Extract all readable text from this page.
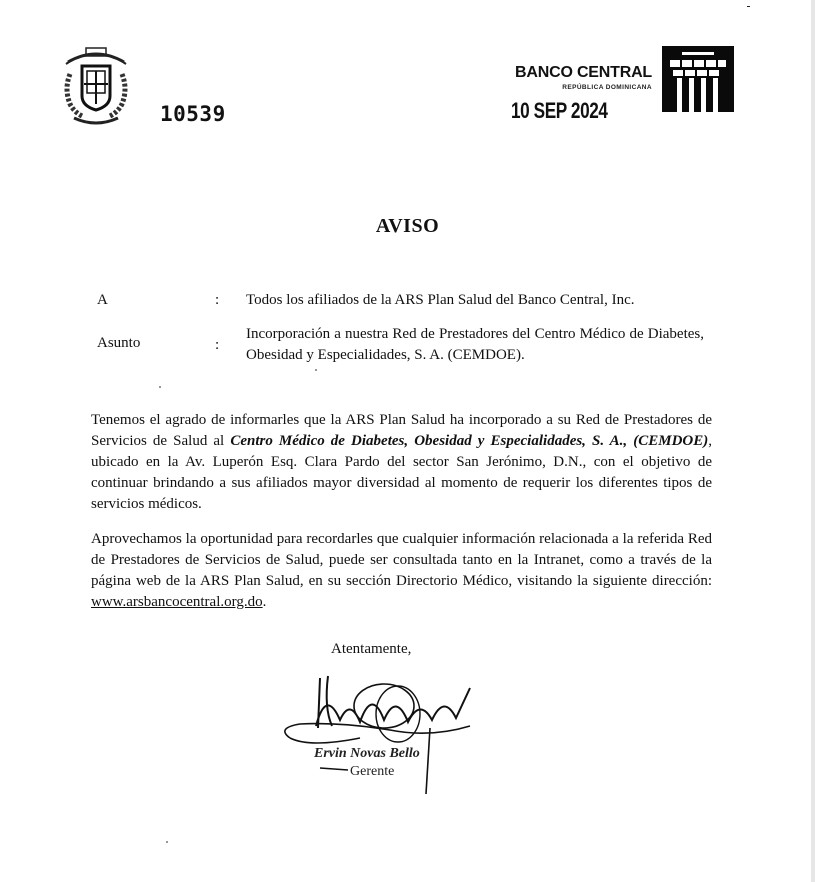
10539
BANCO CENTRAL
REPÚBLICA DOMINICANA
10 SEP 2024
AVISO
A	: Todos los afiliados de la ARS Plan Salud del Banco Central, Inc.
Asunto	:
Incorporación a nuestra Red de Prestadores del Centro Médico de Diabetes, Obesidad y Especialidades, S. A. (CEMDOE).
Tenemos el agrado de informarles que la ARS Plan Salud ha incorporado a su Red de Prestadores de Servicios de Salud al Centro Médico de Diabetes, Obesidad y Especialidades, S. A., (CEMDOE), ubicado en la Av. Luperón Esq. Clara Pardo del sector San Jerónimo, D.N., con el objetivo de continuar brindando a sus afiliados mayor diversidad al momento de requerir los diferentes tipos de servicios médicos.
Aprovechamos la oportunidad para recordarles que cualquier información relacionada a la referida Red de Prestadores de Servicios de Salud, puede ser consultada tanto en la Intranet, como a través de la página web de la ARS Plan Salud, en su sección Directorio Médico, visitando la siguiente dirección: www.arsbancocentral.org.do.
Atentamente,
Ervin Novas Bello
Gerente
